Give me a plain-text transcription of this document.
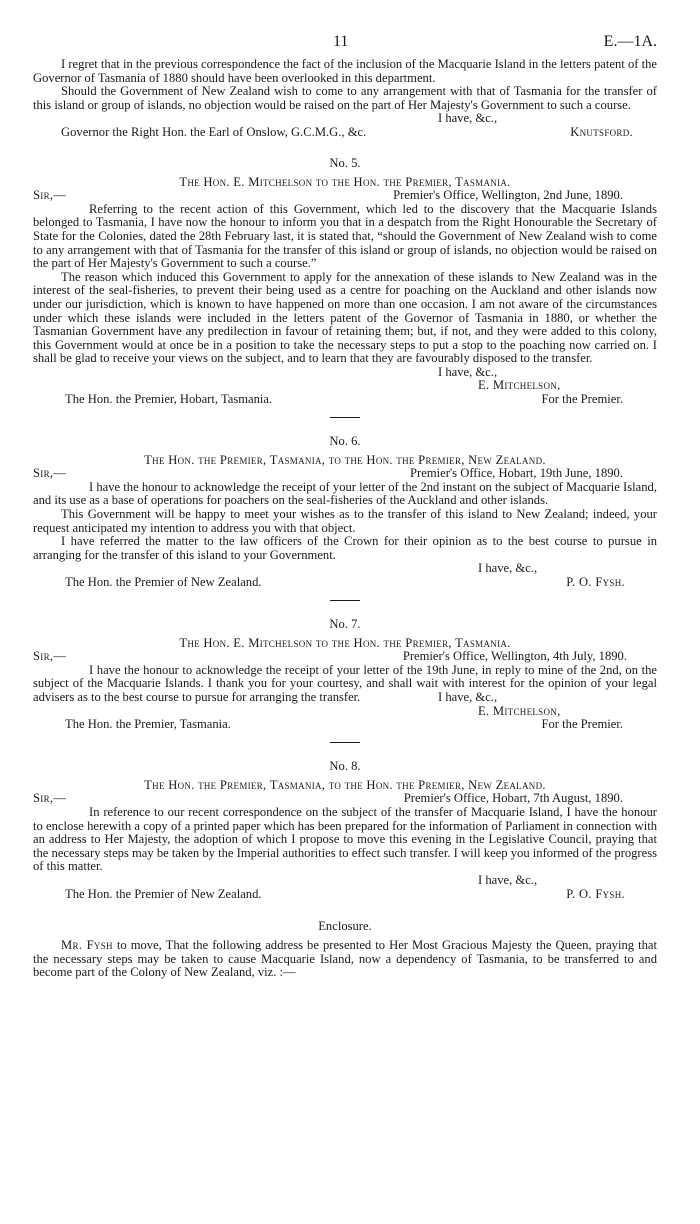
11	E.—1A.

I regret that in the previous correspondence the fact of the inclusion of the Macquarie Island in the letters patent of the Governor of Tasmania of 1880 should have been overlooked in this department.

Should the Government of New Zealand wish to come to any arrangement with that of Tasmania for the transfer of this island or group of islands, no objection would be raised on the part of Her Majesty's Government to such a course.

I have, &c.,
Governor the Right Hon. the Earl of Onslow, G.C.M.G., &c.	Knutsford.
No. 5.
The Hon. E. Mitchelson to the Hon. the Premier, Tasmania.
Sir,—	Premier's Office, Wellington, 2nd June, 1890.

Referring to the recent action of this Government, which led to the discovery that the Macquarie Islands belonged to Tasmania, I have now the honour to inform you that in a despatch from the Right Honourable the Secretary of State for the Colonies, dated the 28th February last, it is stated that, “should the Government of New Zealand wish to come to any arrangement with that of Tasmania for the transfer of this island or group of islands, no objection would be raised on the part of Her Majesty's Government to such a course.”

The reason which induced this Government to apply for the annexation of these islands to New Zealand was in the interest of the seal-fisheries, to prevent their being used as a centre for poaching on the Auckland and other islands now under our jurisdiction, which is known to have happened on more than one occasion. I am not aware of the circumstances under which these islands were included in the letters patent of the Governor of Tasmania in 1880, or whether the Tasmanian Government have any predilection in favour of retaining them; but, if not, and they were added to this colony, this Government would at once be in a position to take the necessary steps to put a stop to the poaching now carried on. I shall be glad to receive your views on the subject, and to learn that they are favourably disposed to the transfer.

I have, &c.,
E. Mitchelson,
The Hon. the Premier, Hobart, Tasmania.	For the Premier.
No. 6.
The Hon. the Premier, Tasmania, to the Hon. the Premier, New Zealand.
Sir,—	Premier's Office, Hobart, 19th June, 1890.

I have the honour to acknowledge the receipt of your letter of the 2nd instant on the subject of Macquarie Island, and its use as a base of operations for poachers on the seal-fisheries of the Auckland and other islands.

This Government will be happy to meet your wishes as to the transfer of this island to New Zealand; indeed, your request anticipated my intention to address you with that object.

I have referred the matter to the law officers of the Crown for their opinion as to the best course to pursue in arranging for the transfer of this island to your Government.

I have, &c.,
The Hon. the Premier of New Zealand.	P. O. Fysh.
No. 7.
The Hon. E. Mitchelson to the Hon. the Premier, Tasmania.
Sir,—	Premier's Office, Wellington, 4th July, 1890.

I have the honour to acknowledge the receipt of your letter of the 19th June, in reply to mine of the 2nd, on the subject of the Macquarie Islands. I thank you for your courtesy, and shall wait with interest for the opinion of your legal advisers as to the best course to pursue for arranging the transfer.	I have, &c.,
E. Mitchelson,
The Hon. the Premier, Tasmania.	For the Premier.
No. 8.
The Hon. the Premier, Tasmania, to the Hon. the Premier, New Zealand.
Sir,—	Premier's Office, Hobart, 7th August, 1890.

In reference to our recent correspondence on the subject of the transfer of Macquarie Island, I have the honour to enclose herewith a copy of a printed paper which has been prepared for the information of Parliament in connection with an address to Her Majesty, the adoption of which I propose to move this evening in the Legislative Council, praying that the necessary steps may be taken by the Imperial authorities to effect such transfer. I will keep you informed of the progress of this matter.

I have, &c.,
The Hon. the Premier of New Zealand.	P. O. Fysh.
Enclosure.

Mr. Fysh to move, That the following address be presented to Her Most Gracious Majesty the Queen, praying that the necessary steps may be taken to cause Macquarie Island, now a dependency of Tasmania, to be transferred to and become part of the Colony of New Zealand, viz. :—
